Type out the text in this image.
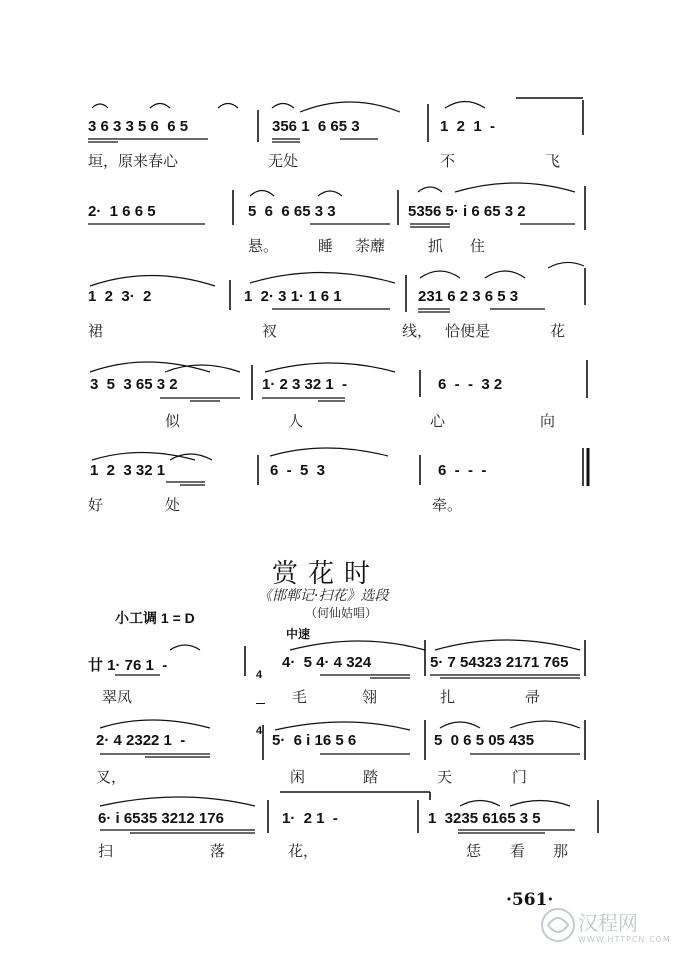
3 6 3 3 5 6  6 5	356 1  6 65 3	1  2  1  -
垣，原来春心	无处	不	飞
2·  1 6 6 5	5  6  6 65 3 3	5356 5· i 6 65 3 2
悬。	睡 荼蘼	抓 住
1  2  3·  2	1  2· 3 1· 1 6 1	231 6 2 3 6 5 3
裙	衩	线， 恰便是	花
3  5  3 65 3 2	1· 2 3 32 1  -	6  -  -  3 2
似	人	心	向
1  2  3 32 1	6  -  5  3	6  -  -  -
好	处	牵。
赏花时
《邯郸记·扫花》选段
（何仙姑唱）
小工调 1 = D
中速

4

4

廿 1· 76 1  -	4·  5 4· 4 324	5· 7 54323 2171 765
翠凤	毛	翎	扎	帚
2· 4 2322 1  -	5·  6 i 16 5 6	5  0 6 5 05 435
叉，	闲	踏	天	门
6· i 6535 3212 176	1·  2 1  -	1  3235 6165 3 5
扫	落	花，	恁 看 那
·561·
汉程网
WWW.HTTPCN.COM
